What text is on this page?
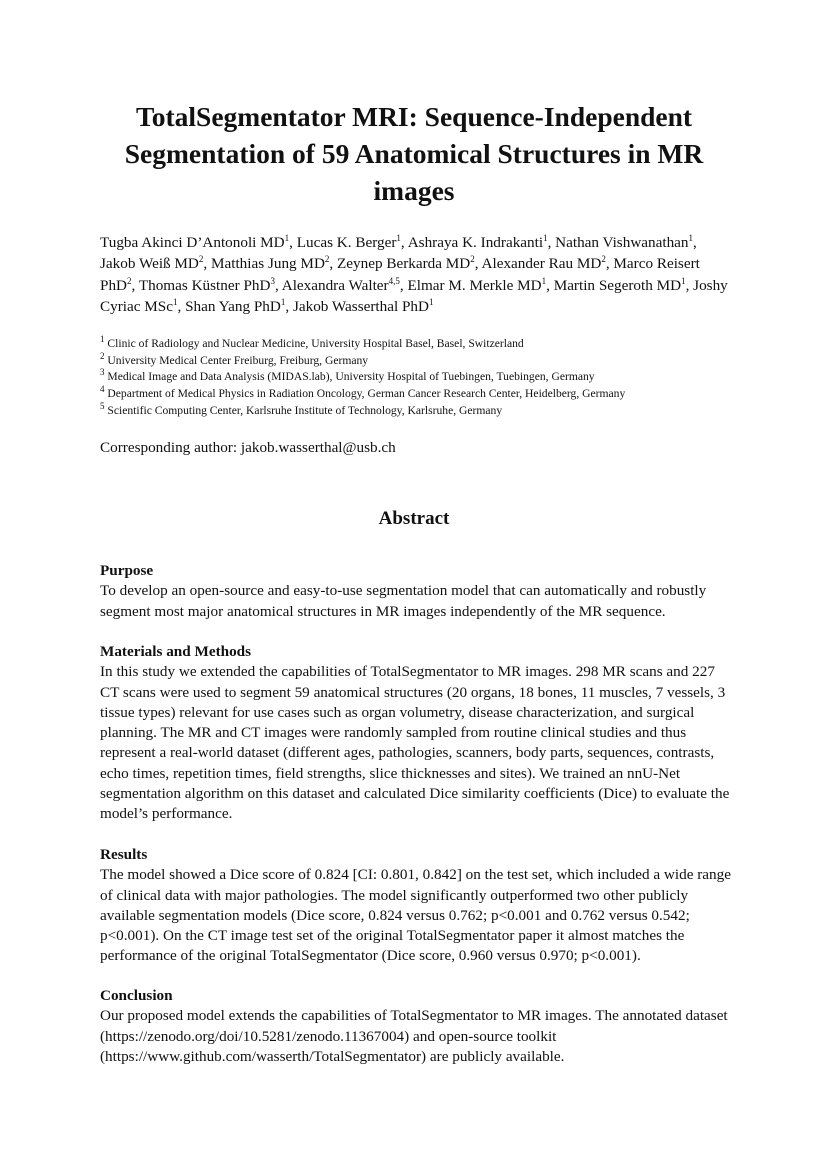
TotalSegmentator MRI: Sequence-Independent Segmentation of 59 Anatomical Structures in MR images

Tugba Akinci D’Antonoli $MD^1$, Lucas K. Berger$^1$, Ashraya K. Indrakanti$^1$, Nathan Vishwanathan$^1$, Jakob Weiß $MD^2$, Matthias Jung $MD^2$, Zeynep Berkarda $MD^2$, Alexander Rau $MD^2$, Marco Reisert PhD$^2$, Thomas Küstner PhD$^3$, Alexandra Walter$^{4,5}$, Elmar M. Merkle $MD^1$, Martin Segeroth $MD^1$, Joshy Cyriac MSc$^1$, Shan Yang PhD$^1$, Jakob Wasserthal PhD$^1$

$^1$ Clinic of Radiology and Nuclear Medicine, University Hospital Basel, Basel, Switzerland
$^2$ University Medical Center Freiburg, Freiburg, Germany
$^3$ Medical Image and Data Analysis (MIDAS.lab), University Hospital of Tuebingen, Tuebingen, Germany
$^4$ Department of Medical Physics in Radiation Oncology, German Cancer Research Center, Heidelberg, Germany
$^5$ Scientific Computing Center, Karlsruhe Institute of Technology, Karlsruhe, Germany

Corresponding author: jakob.wasserthal@usb.ch

Abstract
Purpose

To develop an open-source and easy-to-use segmentation model that can automatically and robustly segment most major anatomical structures in MR images independently of the MR sequence.

Materials and Methods

In this study we extended the capabilities of TotalSegmentator to MR images. 298 MR scans and 227 CT scans were used to segment 59 anatomical structures (20 organs, 18 bones, 11 muscles, 7 vessels, 3 tissue types) relevant for use cases such as organ volumetry, disease characterization, and surgical planning. The MR and CT images were randomly sampled from routine clinical studies and thus represent a real-world dataset (different ages, pathologies, scanners, body parts, sequences, contrasts, echo times, repetition times, field strengths, slice thicknesses and sites). We trained an nnU-Net segmentation algorithm on this dataset and calculated Dice similarity coefficients (Dice) to evaluate the model’s performance.

Results

The model showed a Dice score of 0.824 [CI: 0.801, 0.842] on the test set, which included a wide range of clinical data with major pathologies. The model significantly outperformed two other publicly available segmentation models (Dice score, 0.824 versus 0.762; p<0.001 and 0.762 versus 0.542; p<0.001). On the CT image test set of the original TotalSegmentator paper it almost matches the performance of the original TotalSegmentator (Dice score, 0.960 versus 0.970; p<0.001).

Conclusion

Our proposed model extends the capabilities of TotalSegmentator to MR images. The annotated dataset (https://zenodo.org/doi/10.5281/zenodo.11367004) and open-source toolkit (https://www.github.com/wasserth/TotalSegmentator) are publicly available.
